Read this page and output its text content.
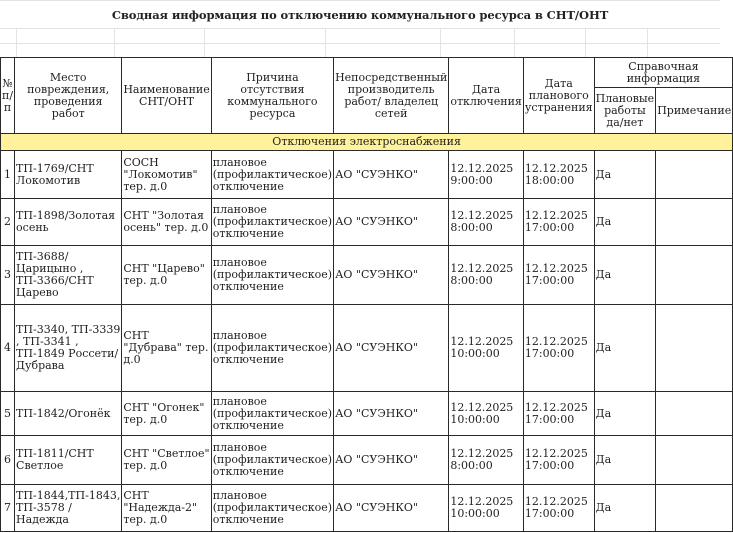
Сводная информация по отключению коммунального ресурса в СНТ/ОНТ
№ п/п	Место повреждения, проведения работ	Наименование СНТ/ОНТ	Причина отсутствия коммунального ресурса	Непосредственный производитель работ/ владелец сетей	Дата отключения	Дата планового устранения	Справочная информация	
							Плановые работы да/нет	Примечание
Отключения электроснабжения								
1	ТП-1769/СНТ Локомотив	СОСН "Локомотив" тер. д.0	плановое (профилактическое) отключение	АО "СУЭНКО"	12.12.2025 9:00:00	12.12.2025 18:00:00	Да	
2	ТП-1898/Золотая осень	СНТ "Золотая осень" тер. д.0	плановое (профилактическое) отключение	АО "СУЭНКО"	12.12.2025 8:00:00	12.12.2025 17:00:00	Да	
3	ТП-3688/ Царицыно , ТП-3366/СНТ Царево	СНТ "Царево" тер. д.0	плановое (профилактическое) отключение	АО "СУЭНКО"	12.12.2025 8:00:00	12.12.2025 17:00:00	Да	
4	ТП-3340, ТП-3339 , ТП-3341 , ТП-1849 Россети/ Дубрава	СНТ "Дубрава" тер. д.0	плановое (профилактическое) отключение	АО "СУЭНКО"	12.12.2025 10:00:00	12.12.2025 17:00:00	Да	
5	ТП-1842/Огонёк	СНТ "Огонек" тер. д.0	плановое (профилактическое) отключение	АО "СУЭНКО"	12.12.2025 10:00:00	12.12.2025 17:00:00	Да	
6	ТП-1811/СНТ Светлое	СНТ "Светлое" тер. д.0	плановое (профилактическое) отключение	АО "СУЭНКО"	12.12.2025 8:00:00	12.12.2025 17:00:00	Да	
7	ТП-1844,ТП-1843, ТП-3578 / Надежда	СНТ "Надежда-2" тер. д.0	плановое (профилактическое) отключение	АО "СУЭНКО"	12.12.2025 10:00:00	12.12.2025 17:00:00	Да	
